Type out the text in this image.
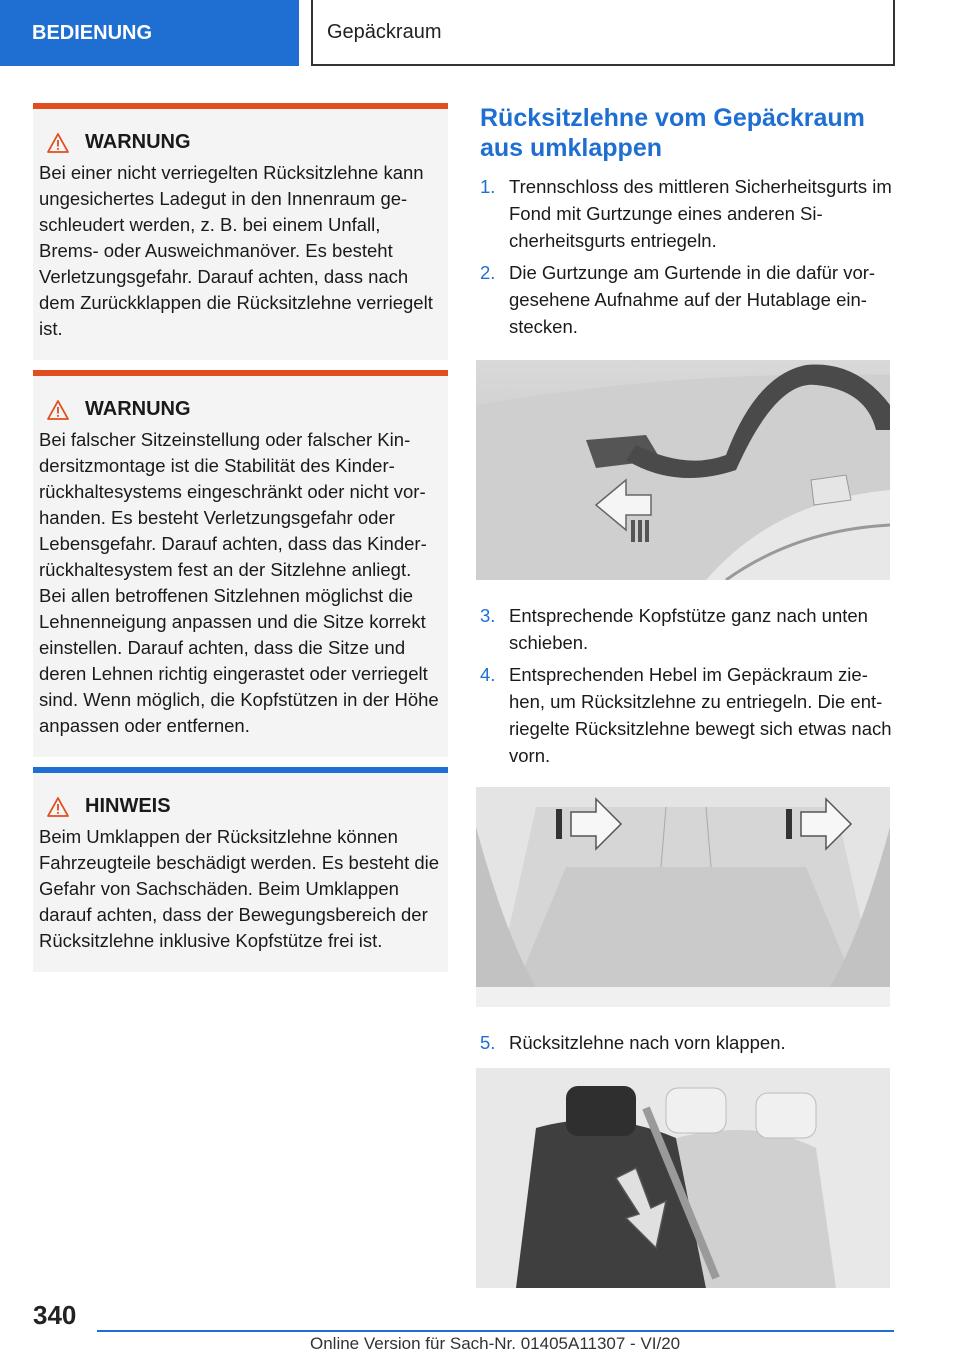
BEDIENUNG	Gepäckraum
WARNUNG
Bei einer nicht verriegelten Rücksitzlehne kann ungesichertes Ladegut in den Innenraum geschleudert werden, z. B. bei einem Unfall, Brems- oder Ausweichmanöver. Es besteht Verletzungsgefahr. Darauf achten, dass nach dem Zurückklappen die Rücksitzlehne verriegelt ist.
WARNUNG
Bei falscher Sitzeinstellung oder falscher Kindersitzmontage ist die Stabilität des Kinderrückhaltesystems eingeschränkt oder nicht vorhanden. Es besteht Verletzungsgefahr oder Lebensgefahr. Darauf achten, dass das Kinderrückhaltesystem fest an der Sitzlehne anliegt. Bei allen betroffenen Sitzlehnen möglichst die Lehnenneigung anpassen und die Sitze korrekt einstellen. Darauf achten, dass die Sitze und deren Lehnen richtig eingerastet oder verriegelt sind. Wenn möglich, die Kopfstützen in der Höhe anpassen oder entfernen.
HINWEIS
Beim Umklappen der Rücksitzlehne können Fahrzeugteile beschädigt werden. Es besteht die Gefahr von Sachschäden. Beim Umklappen darauf achten, dass der Bewegungsbereich der Rücksitzlehne inklusive Kopfstütze frei ist.
Rücksitzlehne vom Gepäckraum aus umklappen
1. Trennschloss des mittleren Sicherheitsgurts im Fond mit Gurtzunge eines anderen Sicherheitsgurts entriegeln.
2. Die Gurtzunge am Gurtende in die dafür vorgesehene Aufnahme auf der Hutablage einstecken.
3. Entsprechende Kopfstütze ganz nach unten schieben.
4. Entsprechenden Hebel im Gepäckraum ziehen, um Rücksitzlehne zu entriegeln. Die entriegelte Rücksitzlehne bewegt sich etwas nach vorn.
5. Rücksitzlehne nach vorn klappen.
340
Online Version für Sach-Nr. 01405A11307 - VI/20
